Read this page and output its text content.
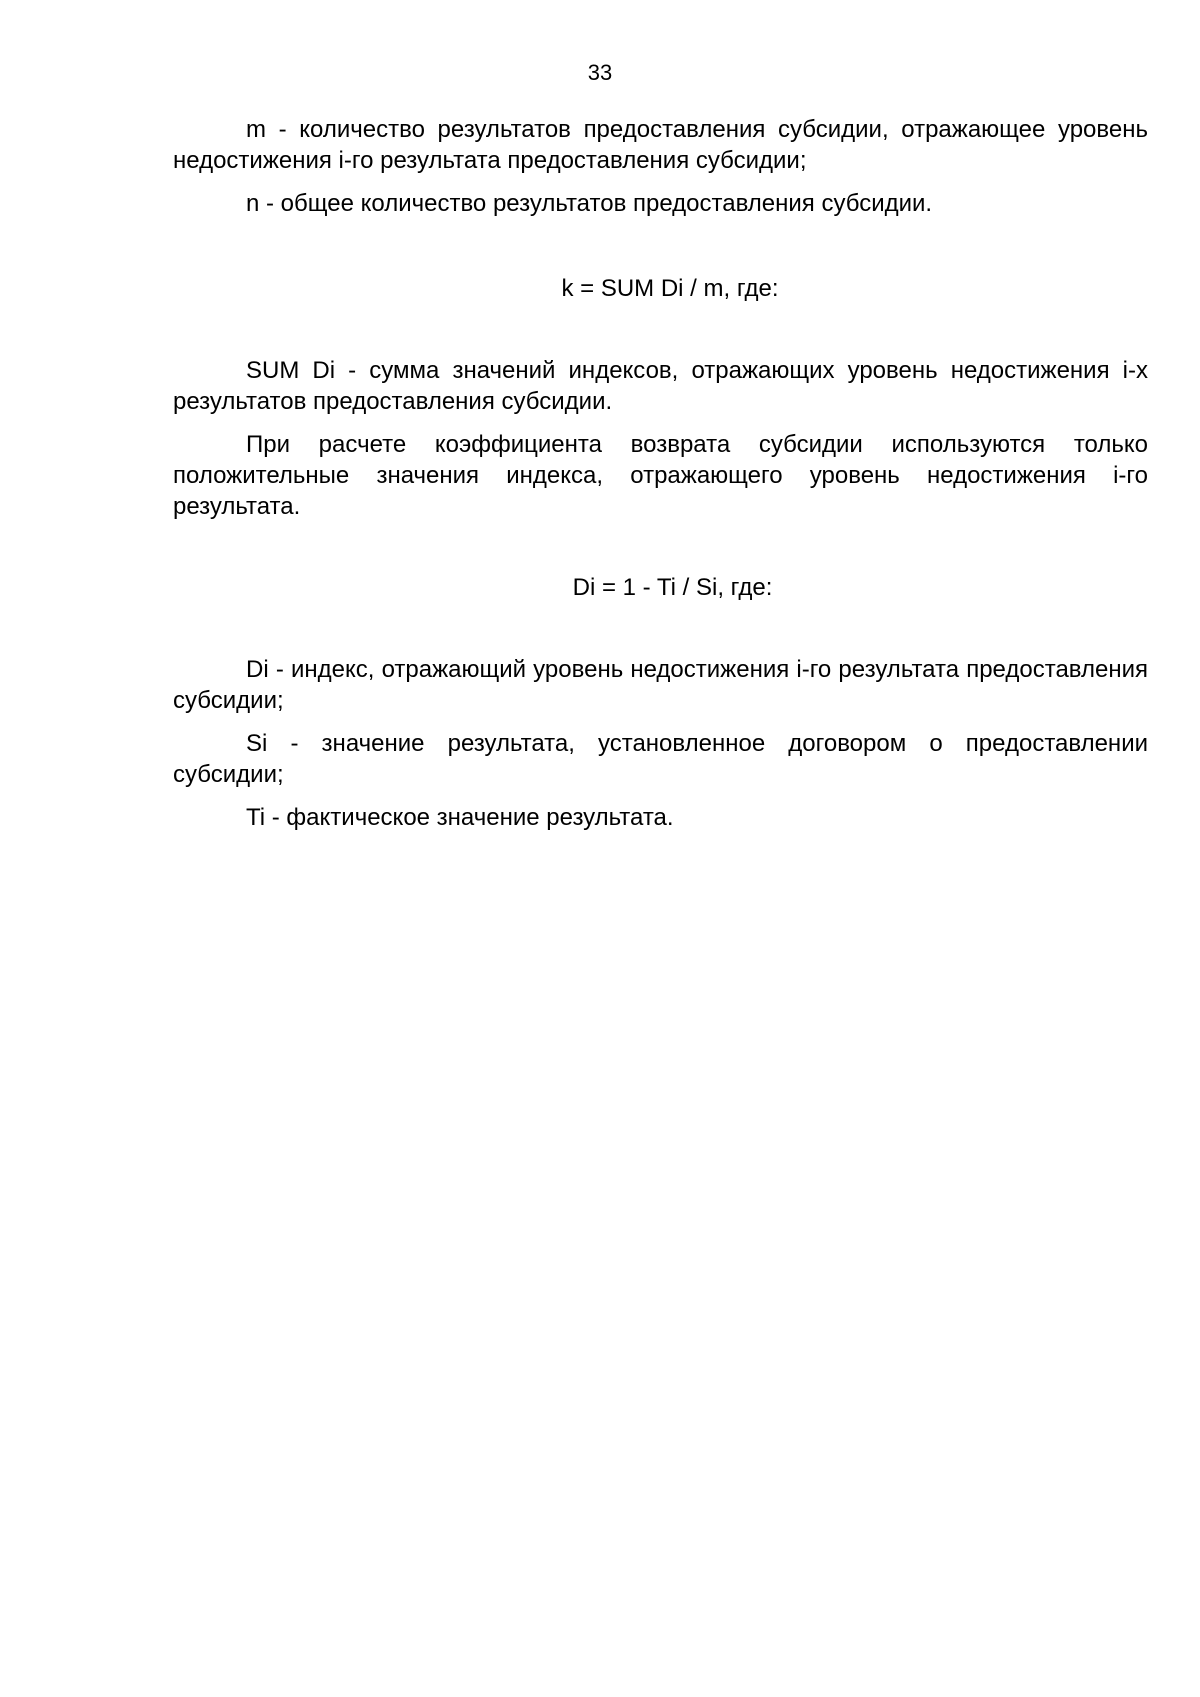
33

m - количество результатов предоставления субсидии, отражающее уровень недостижения i-го результата предоставления субсидии;

n - общее количество результатов предоставления субсидии.

k = SUM Di / m, где:

SUM Di - сумма значений индексов, отражающих уровень недостижения i-х результатов предоставления субсидии.

При расчете коэффициента возврата субсидии используются только положительные значения индекса, отражающего уровень недостижения i-го результата.

Di = 1 - Ti / Si, где:

Di - индекс, отражающий уровень недостижения i-го результата предоставления субсидии;

Si - значение результата, установленное договором о предоставлении субсидии;

Ti - фактическое значение результата.
